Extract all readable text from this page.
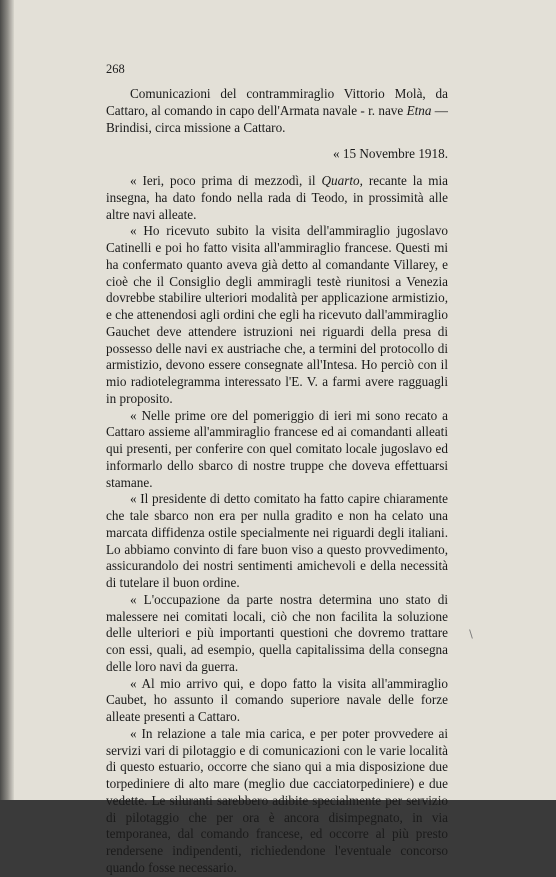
268

Comunicazioni del contrammiraglio Vittorio Molà, da Cattaro, al comando in capo dell'Armata navale - r. nave Etna — Brindisi, circa missione a Cattaro.

« 15 Novembre 1918.

« Ieri, poco prima di mezzodì, il Quarto, recante la mia insegna, ha dato fondo nella rada di Teodo, in prossimità alle altre navi alleate.

« Ho ricevuto subito la visita dell'ammiraglio jugoslavo Catinelli e poi ho fatto visita all'ammiraglio francese. Questi mi ha confermato quanto aveva già detto al comandante Villarey, e cioè che il Consiglio degli ammiragli testè riunitosi a Venezia dovrebbe stabilire ulteriori modalità per applicazione armistizio, e che attenendosi agli ordini che egli ha ricevuto dall'ammiraglio Gauchet deve attendere istruzioni nei riguardi della presa di possesso delle navi ex austriache che, a termini del protocollo di armistizio, devono essere consegnate all'Intesa. Ho perciò con il mio radiotelegramma interessato l'E. V. a farmi avere ragguagli in proposito.

« Nelle prime ore del pomeriggio di ieri mi sono recato a Cattaro assieme all'ammiraglio francese ed ai comandanti alleati qui presenti, per conferire con quel comitato locale jugoslavo ed informarlo dello sbarco di nostre truppe che doveva effettuarsi stamane.

« Il presidente di detto comitato ha fatto capire chiaramente che tale sbarco non era per nulla gradito e non ha celato una marcata diffidenza ostile specialmente nei riguardi degli italiani. Lo abbiamo convinto di fare buon viso a questo provvedimento, assicurandolo dei nostri sentimenti amichevoli e della necessità di tutelare il buon ordine.

« L'occupazione da parte nostra determina uno stato di malessere nei comitati locali, ciò che non facilita la soluzione delle ulteriori e più importanti questioni che dovremo trattare con essi, quali, ad esempio, quella capitalissima della consegna delle loro navi da guerra.

« Al mio arrivo qui, e dopo fatto la visita all'ammiraglio Caubet, ho assunto il comando superiore navale delle forze alleate presenti a Cattaro.

« In relazione a tale mia carica, e per poter provvedere ai servizi vari di pilotaggio e di comunicazioni con le varie località di questo estuario, occorre che siano qui a mia disposizione due torpediniere di alto mare (meglio due cacciatorpediniere) e due vedette. Le siluranti sarebbero adibite specialmente per servizio di pilotaggio che per ora è ancora disimpegnato, in via temporanea, dal comando francese, ed occorre al più presto rendersene indipendenti, richiedendone l'eventuale concorso quando fosse necessario.

∖
